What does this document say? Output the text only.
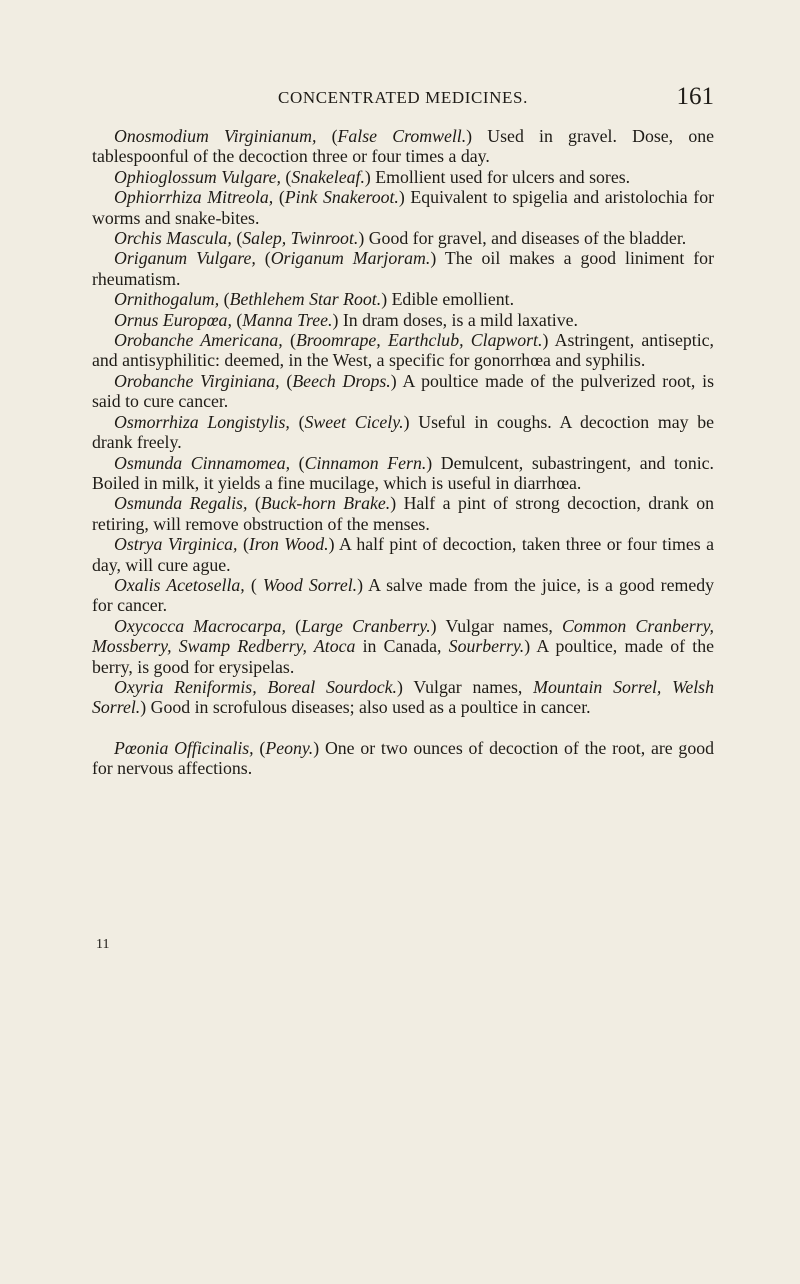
CONCENTRATED MEDICINES.	161

Onosmodium Virginianum, (False Cromwell.) Used in gravel. Dose, one tablespoonful of the decoction three or four times a day.

Ophioglossum Vulgare, (Snakeleaf.) Emollient used for ulcers and sores.

Ophiorrhiza Mitreola, (Pink Snakeroot.) Equivalent to spigelia and aristolochia for worms and snake-bites.

Orchis Mascula, (Salep, Twinroot.) Good for gravel, and diseases of the bladder.

Origanum Vulgare, (Origanum Marjoram.) The oil makes a good liniment for rheumatism.

Ornithogalum, (Bethlehem Star Root.) Edible emollient.

Ornus Europœa, (Manna Tree.) In dram doses, is a mild laxative.

Orobanche Americana, (Broomrape, Earthclub, Clapwort.) Astringent, antiseptic, and antisyphilitic: deemed, in the West, a specific for gonorrhœa and syphilis.

Orobanche Virginiana, (Beech Drops.) A poultice made of the pulverized root, is said to cure cancer.

Osmorrhiza Longistylis, (Sweet Cicely.) Useful in coughs. A decoction may be drank freely.

Osmunda Cinnamomea, (Cinnamon Fern.) Demulcent, subastringent, and tonic. Boiled in milk, it yields a fine mucilage, which is useful in diarrhœa.

Osmunda Regalis, (Buck-horn Brake.) Half a pint of strong decoction, drank on retiring, will remove obstruction of the menses.

Ostrya Virginica, (Iron Wood.) A half pint of decoction, taken three or four times a day, will cure ague.

Oxalis Acetosella, ( Wood Sorrel.) A salve made from the juice, is a good remedy for cancer.

Oxycocca Macrocarpa, (Large Cranberry.) Vulgar names, Common Cranberry, Mossberry, Swamp Redberry, Atoca in Canada, Sourberry.) A poultice, made of the berry, is good for erysipelas.

Oxyria Reniformis, Boreal Sourdock.) Vulgar names, Mountain Sorrel, Welsh Sorrel.) Good in scrofulous diseases; also used as a poultice in cancer.

Pœonia Officinalis, (Peony.) One or two ounces of decoction of the root, are good for nervous affections.

11
